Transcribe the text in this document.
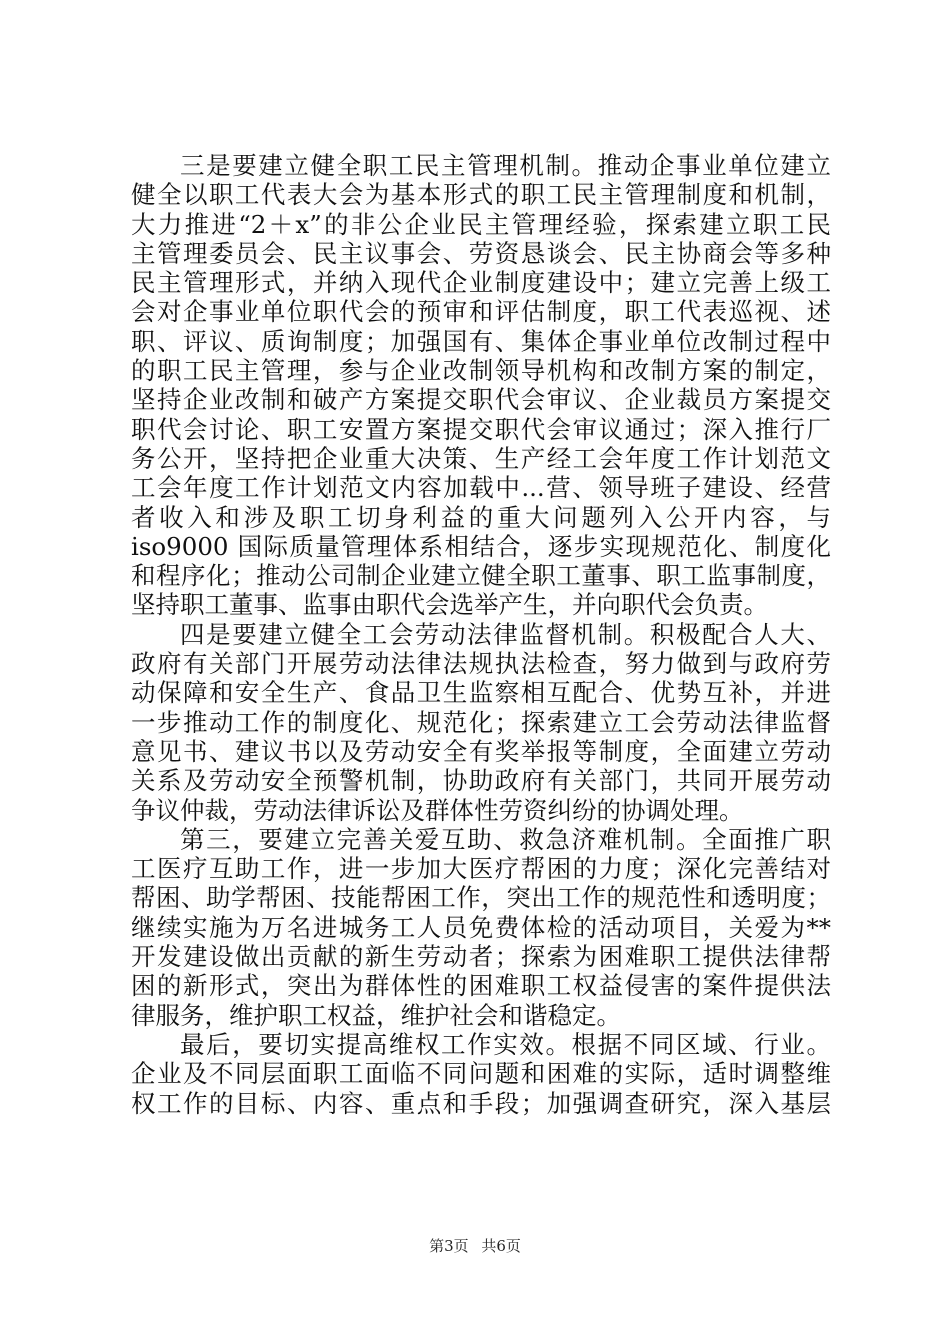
三是要建立健全职工民主管理机制。推动企事业单位建立

健全以职工代表大会为基本形式的职工民主管理制度和机制，

大力推进“2＋x”的非公企业民主管理经验，探索建立职工民

主管理委员会、民主议事会、劳资恳谈会、民主协商会等多种

民主管理形式，并纳入现代企业制度建设中；建立完善上级工

会对企事业单位职代会的预审和评估制度，职工代表巡视、述

职、评议、质询制度；加强国有、集体企事业单位改制过程中

的职工民主管理，参与企业改制领导机构和改制方案的制定，

坚持企业改制和破产方案提交职代会审议、企业裁员方案提交

职代会讨论、职工安置方案提交职代会审议通过；深入推行厂

务公开，坚持把企业重大决策、生产经工会年度工作计划范文

工会年度工作计划范文内容加载中...营、领导班子建设、经营

者收入和涉及职工切身利益的重大问题列入公开内容，与

iso9000 国际质量管理体系相结合，逐步实现规范化、制度化

和程序化；推动公司制企业建立健全职工董事、职工监事制度，

坚持职工董事、监事由职代会选举产生，并向职代会负责。

四是要建立健全工会劳动法律监督机制。积极配合人大、

政府有关部门开展劳动法律法规执法检查，努力做到与政府劳

动保障和安全生产、食品卫生监察相互配合、优势互补，并进

一步推动工作的制度化、规范化；探索建立工会劳动法律监督

意见书、建议书以及劳动安全有奖举报等制度，全面建立劳动

关系及劳动安全预警机制，协助政府有关部门，共同开展劳动

争议仲裁，劳动法律诉讼及群体性劳资纠纷的协调处理。

第三，要建立完善关爱互助、救急济难机制。全面推广职

工医疗互助工作，进一步加大医疗帮困的力度；深化完善结对

帮困、助学帮困、技能帮困工作，突出工作的规范性和透明度；

继续实施为万名进城务工人员免费体检的活动项目，关爱为**

开发建设做出贡献的新生劳动者；探索为困难职工提供法律帮

困的新形式，突出为群体性的困难职工权益侵害的案件提供法

律服务，维护职工权益，维护社会和谐稳定。

最后，要切实提高维权工作实效。根据不同区域、行业。

企业及不同层面职工面临不同问题和困难的实际，适时调整维

权工作的目标、内容、重点和手段；加强调查研究，深入基层

第3页 共6页
